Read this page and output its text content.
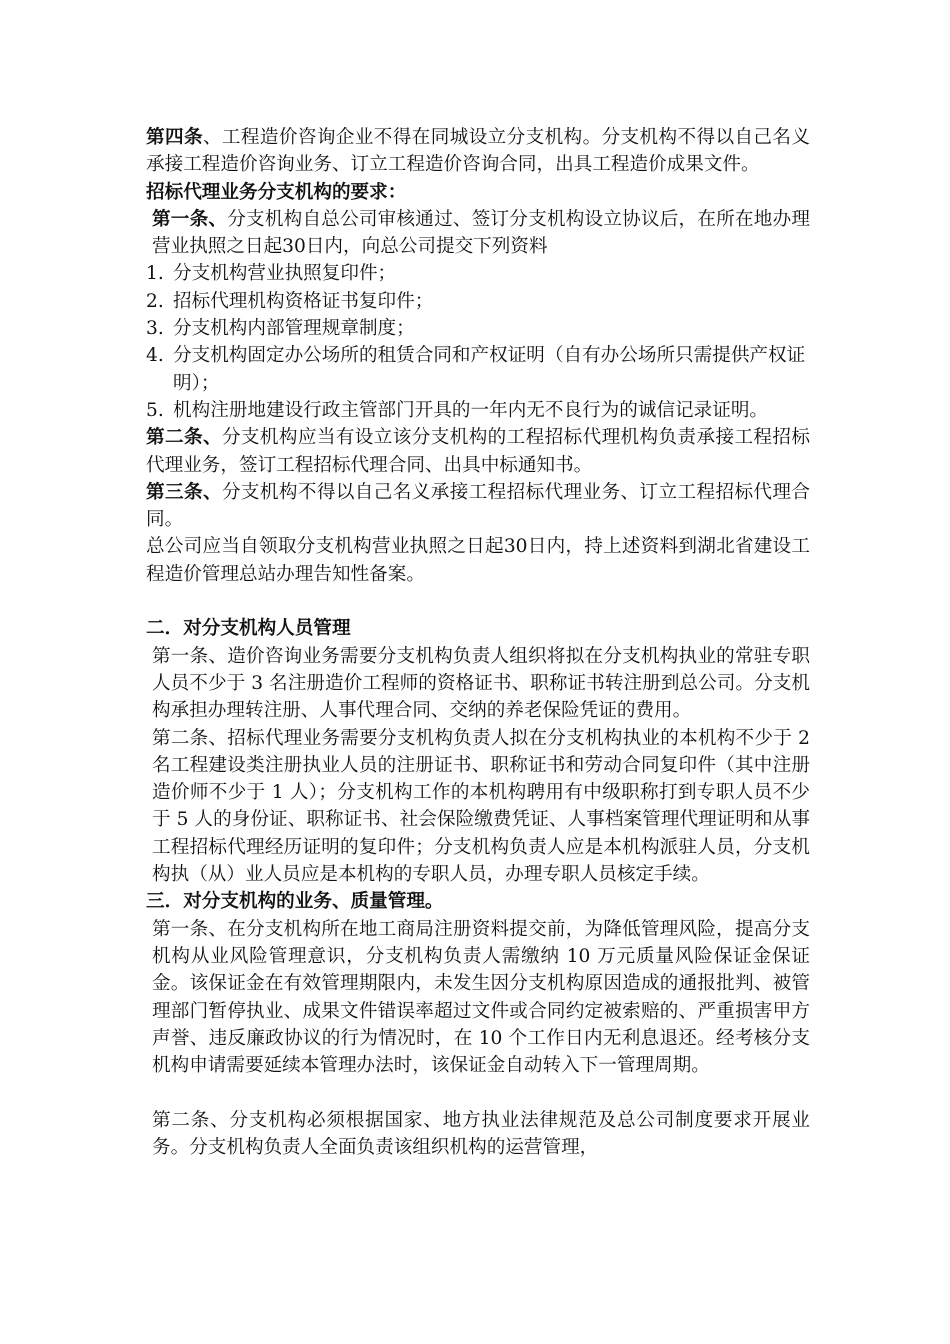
第四条、工程造价咨询企业不得在同城设立分支机构。分支机构不得以自己名义承接工程造价咨询业务、订立工程造价咨询合同，出具工程造价成果文件。

招标代理业务分支机构的要求：

第一条、分支机构自总公司审核通过、签订分支机构设立协议后，在所在地办理营业执照之日起30日内，向总公司提交下列资料

1. 分支机构营业执照复印件；
2. 招标代理机构资格证书复印件；
3. 分支机构内部管理规章制度；
4. 分支机构固定办公场所的租赁合同和产权证明（自有办公场所只需提供产权证明）；
5. 机构注册地建设行政主管部门开具的一年内无不良行为的诚信记录证明。

第二条、分支机构应当有设立该分支机构的工程招标代理机构负责承接工程招标代理业务，签订工程招标代理合同、出具中标通知书。

第三条、分支机构不得以自己名义承接工程招标代理业务、订立工程招标代理合同。

总公司应当自领取分支机构营业执照之日起30日内，持上述资料到湖北省建设工程造价管理总站办理告知性备案。

二．对分支机构人员管理

第一条、造价咨询业务需要分支机构负责人组织将拟在分支机构执业的常驻专职人员不少于 3 名注册造价工程师的资格证书、职称证书转注册到总公司。分支机构承担办理转注册、人事代理合同、交纳的养老保险凭证的费用。

第二条、招标代理业务需要分支机构负责人拟在分支机构执业的本机构不少于 2 名工程建设类注册执业人员的注册证书、职称证书和劳动合同复印件（其中注册造价师不少于 1 人）；分支机构工作的本机构聘用有中级职称打到专职人员不少于 5 人的身份证、职称证书、社会保险缴费凭证、人事档案管理代理证明和从事工程招标代理经历证明的复印件；分支机构负责人应是本机构派驻人员，分支机构执（从）业人员应是本机构的专职人员，办理专职人员核定手续。

三．对分支机构的业务、质量管理。

第一条、在分支机构所在地工商局注册资料提交前，为降低管理风险，提高分支机构从业风险管理意识，分支机构负责人需缴纳 10 万元质量风险保证金保证金。该保证金在有效管理期限内，未发生因分支机构原因造成的通报批判、被管理部门暂停执业、成果文件错误率超过文件或合同约定被索赔的、严重损害甲方声誉、违反廉政协议的行为情况时，在 10 个工作日内无利息退还。经考核分支机构申请需要延续本管理办法时，该保证金自动转入下一管理周期。

第二条、分支机构必须根据国家、地方执业法律规范及总公司制度要求开展业务。分支机构负责人全面负责该组织机构的运营管理，
